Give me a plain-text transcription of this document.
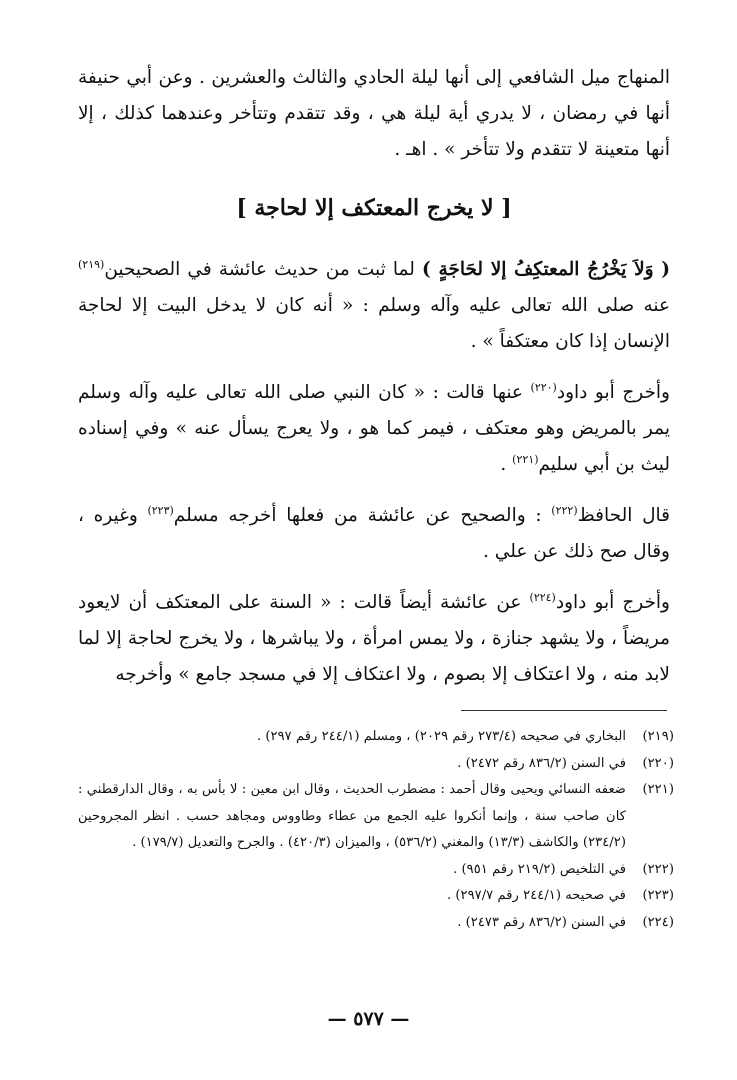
المنهاج ميل الشافعي إلى أنها ليلة الحادي والثالث والعشرين . وعن أبي حنيفة أنها في رمضان ، لا يدري أية ليلة هي ، وقد تتقدم وتتأخر وعندهما كذلك ، إلا أنها متعينة لا تتقدم ولا تتأخر » . اهـ .

[ لا يخرج المعتكف إلا لحاجة ]

( وَلاَ يَخْرُجُ المعتكِفُ إلا لحَاجَةٍ ) لما ثبت من حديث عائشة في الصحيحين$^{(٢١٩)}$ عنه صلى الله تعالى عليه وآله وسلم : « أنه كان لا يدخل البيت إلا لحاجة الإنسان إذا كان معتكفاً » .

وأخرج أبو داود$^{(٢٢٠)}$ عنها قالت : « كان النبي صلى الله تعالى عليه وآله وسلم يمر بالمريض وهو معتكف ، فيمر كما هو ، ولا يعرج يسأل عنه » وفي إسناده ليث بن أبي سليم$^{(٢٢١)}$ .

قال الحافظ$^{(٢٢٢)}$ : والصحيح عن عائشة من فعلها أخرجه مسلم$^{(٢٢٣)}$ وغيره ، وقال صح ذلك عن علي .

وأخرج أبو داود$^{(٢٢٤)}$ عن عائشة أيضاً قالت : « السنة على المعتكف أن لايعود مريضاً ، ولا يشهد جنازة ، ولا يمس امرأة ، ولا يباشرها ، ولا يخرج لحاجة إلا لما لابد منه ، ولا اعتكاف إلا بصوم ، ولا اعتكاف إلا في مسجد جامع » وأخرجه

(٢١٩)
البخاري في صحيحه (٢٧٣/٤ رقم ٢٠٢٩) ، ومسلم (٢٤٤/١ رقم ٢٩٧) .
(٢٢٠)
في السنن (٨٣٦/٢ رقم ٢٤٧٢) .
(٢٢١)
ضعفه النسائي ويحيى وقال أحمد : مضطرب الحديث ، وقال ابن معين : لا بأس به ، وقال الدارقطني : كان صاحب سنة ، وإنما أنكروا عليه الجمع من عطاء وطاووس ومجاهد حسب . انظر المجروحين (٢٣٤/٢) والكاشف (١٣/٣) والمغني (٥٣٦/٢) ، والميزان (٤٢٠/٣) . والجرح والتعديل (١٧٩/٧) .
(٢٢٢)
في التلخيص (٢١٩/٢ رقم ٩٥١) .
(٢٢٣)
في صحيحه (٢٤٤/١ رقم ٢٩٧/٧) .
(٢٢٤)
في السنن (٨٣٦/٢ رقم ٢٤٧٣) .
— ٥٧٧ —
